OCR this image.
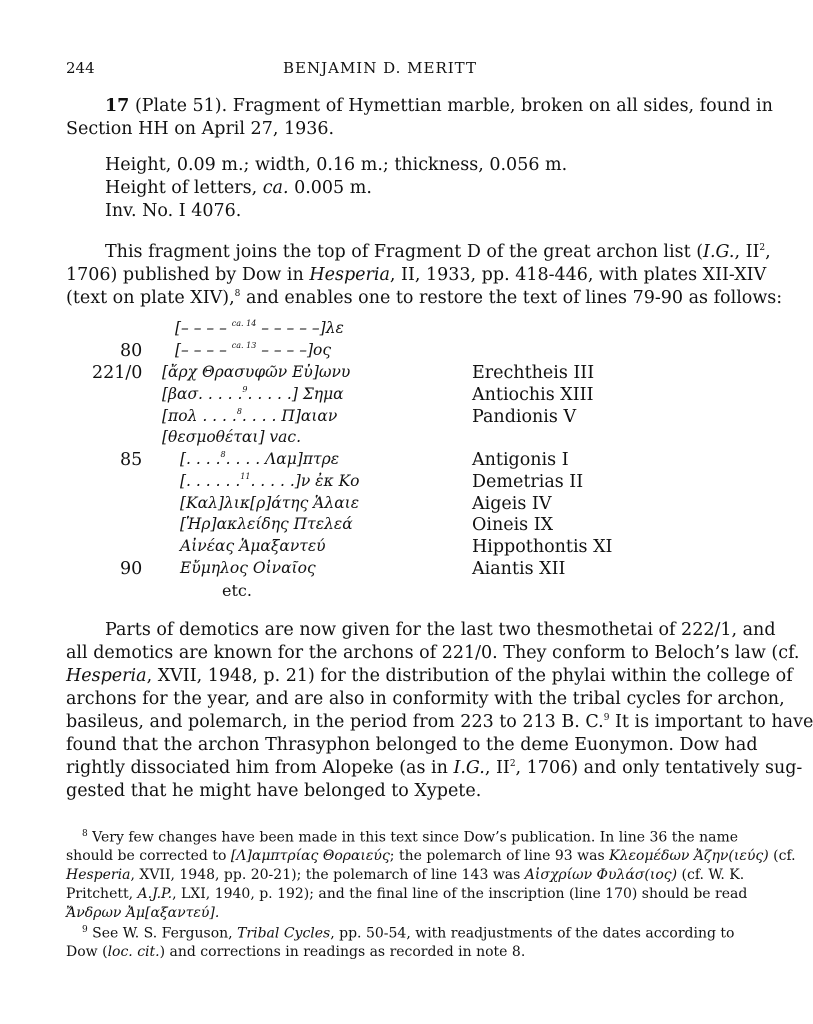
244	BENJAMIN D. MERITT
17 (Plate 51). Fragment of Hymettian marble, broken on all sides, found in
Section HH on April 27, 1936.
Height, 0.09 m.; width, 0.16 m.; thickness, 0.056 m.
Height of letters, ca. 0.005 m.
Inv. No. I 4076.
This fragment joins the top of Fragment D of the great archon list (I.G., $II^2$,
1706) published by Dow in Hesperia, II, 1933, pp. 418-446, with plates XII-XIV
(text on plate XIV),$^8$ and enables one to restore the text of lines 79-90 as follows:
80
221/0
85
90
[– – – – $^{ca. 14}$ – – – – –]λε
[– – – – $^{ca. 13}$ – – – –]ος
[ἄρχ Θρασυφῶν Εὐ]ωνυ
[βασ. . . . .$^9$. . . . .] Σημα
[πολ . . . .$^8$. . . . Π]αιαν
[θεσμοθέται] vac.
[. . . .$^8$. . . . Λαμ]πτρε
[. . . . . .$^{11}$. . . . .]ν ἐκ Κο
[Καλ]λικ[ρ]άτης Ἁλαιε
[Ἡρ]ακλείδης Πτελεά
Αἰνέας Ἁμαξαντεύ
Εὔμηλος Οἰναῖος
etc.
Erechtheis III
Antiochis XIII
Pandionis V
Antigonis I
Demetrias II
Aigeis IV
Oineis IX
Hippothontis XI
Aiantis XII
Parts of demotics are now given for the last two thesmothetai of 222/1, and
all demotics are known for the archons of 221/0. They conform to Beloch’s law (cf.
Hesperia, XVII, 1948, p. 21) for the distribution of the phylai within the college of
archons for the year, and are also in conformity with the tribal cycles for archon,
basileus, and polemarch, in the period from 223 to 213 B. C.$^9$ It is important to have
found that the archon Thrasyphon belonged to the deme Euonymon. Dow had
rightly dissociated him from Alopeke (as in I.G., $II^2$, 1706) and only tentatively sug-
gested that he might have belonged to Xypete.
$^8$ Very few changes have been made in this text since Dow’s publication. In line 36 the name
should be corrected to [Λ]αμπτρίας Θοραιεύς; the polemarch of line 93 was Κλεομέδων Ἀζην(ιεύς) (cf.
Hesperia, XVII, 1948, pp. 20-21); the polemarch of line 143 was Αἰσχρίων Φυλάσ(ιος) (cf. W. K.
Pritchett, A.J.P., LXI, 1940, p. 192); and the final line of the inscription (line 170) should be read
Ἄνδρων Ἀμ[αξαντεύ].
$^9$ See W. S. Ferguson, Tribal Cycles, pp. 50-54, with readjustments of the dates according to
Dow (loc. cit.) and corrections in readings as recorded in note 8.
